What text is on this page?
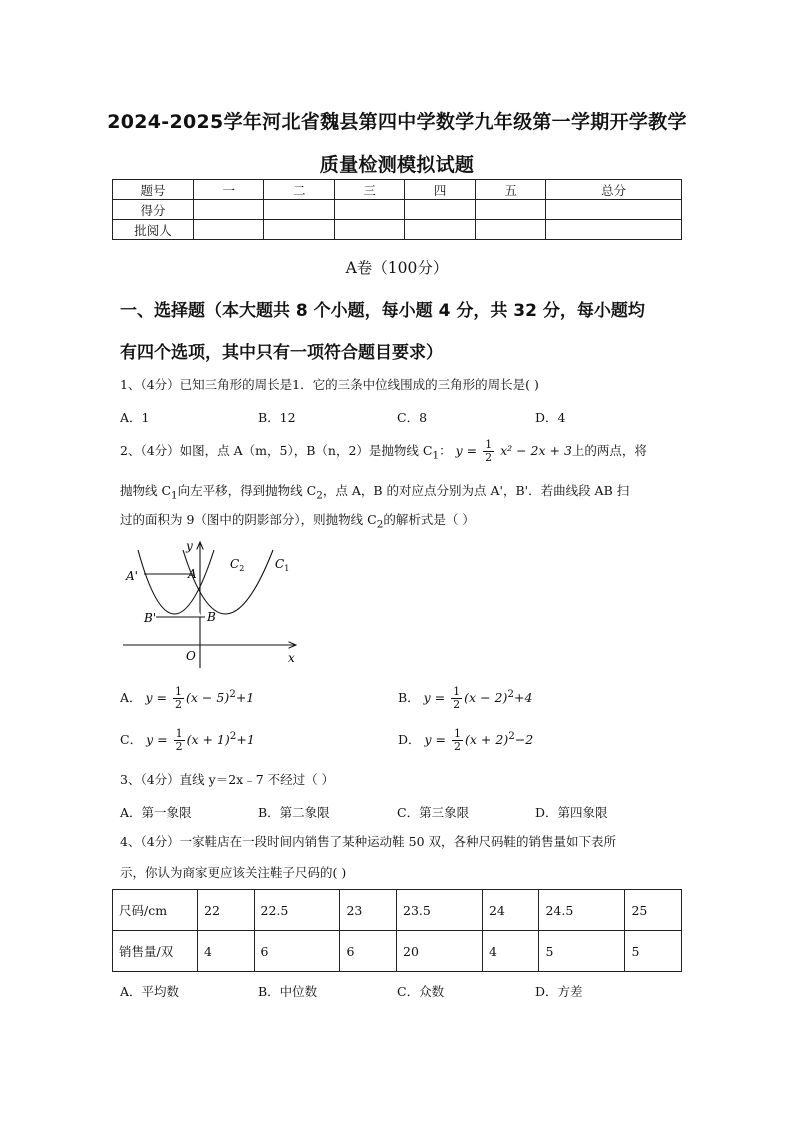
2024-2025学年河北省魏县第四中学数学九年级第一学期开学教学
质量检测模拟试题
题号	一	二	三	四	五	总分
得分						
批阅人						
A卷（100分）
一、选择题（本大题共 8 个小题，每小题 4 分，共 32 分，每小题均
有四个选项，其中只有一项符合题目要求）
1、（4分）已知三角形的周长是1．它的三条中位线围成的三角形的周长是( )
A．1	B．12	C．8	D．4
2、（4分）如图，点 A（m，5），B（n，2）是抛物线 $C_1$： $y = \frac{1}{2} x^2 - 2x + 3$上的两点，将
抛物线 $C_1$向左平移，得到抛物线 $C_2$，点 A，B 的对应点分别为点 A'，B'．若曲线段 AB 扫
过的面积为 9（图中的阴影部分），则抛物线 $C_2$的解析式是（ ）
y
x
O
A
A'
B
B'
$C_2$	$C_1$
A． $y = \frac{1}{2} (x - 5)^2+1$	B． $y = \frac{1}{2} (x - 2)^2+4$
C． $y = \frac{1}{2} (x + 1)^2+1$	D． $y = \frac{1}{2} (x + 2)^2-2$
3、（4分）直线 y＝2x﹣7 不经过（ ）
A．第一象限	B．第二象限	C．第三象限	D．第四象限
4、（4分）一家鞋店在一段时间内销售了某种运动鞋 50 双，各种尺码鞋的销售量如下表所
示，你认为商家更应该关注鞋子尺码的( )
尺码/cm	22	22.5	23	23.5	24	24.5	25
销售量/双	4	6	6	20	4	5	5
A．平均数	B．中位数	C．众数	D．方差
